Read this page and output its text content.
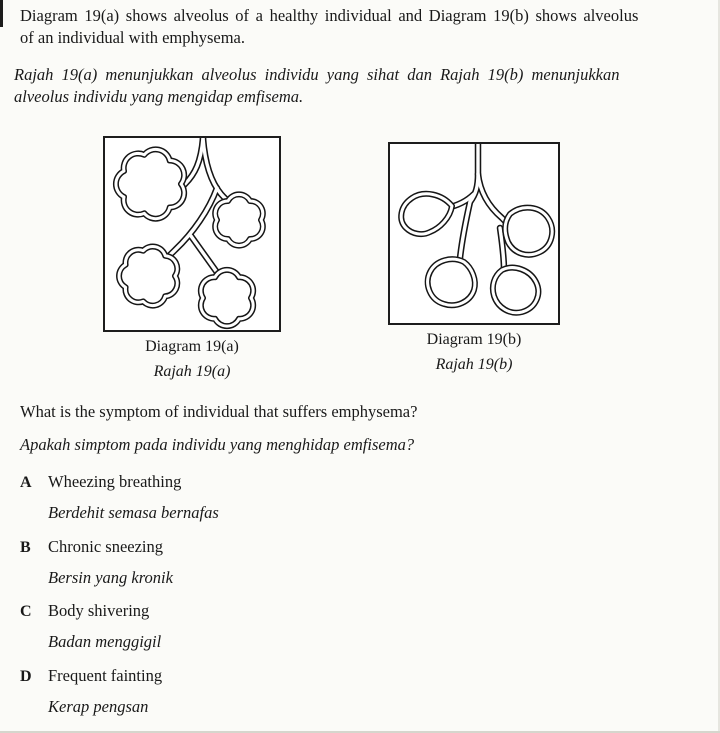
Diagram 19(a) shows alveolus of a healthy individual and Diagram 19(b) shows alveolus
of an individual with emphysema.
Rajah 19(a) menunjukkan alveolus individu yang sihat dan Rajah 19(b) menunjukkan
alveolus individu yang mengidap emfisema.
Diagram 19(a)
Rajah 19(a)
Diagram 19(b)
Rajah 19(b)
What is the symptom of individual that suffers emphysema?
Apakah simptom pada individu yang menghidap emfisema?
A Wheezing breathing
Berdehit semasa bernafas
B Chronic sneezing
Bersin yang kronik
C Body shivering
Badan menggigil
D Frequent fainting
Kerap pengsan
